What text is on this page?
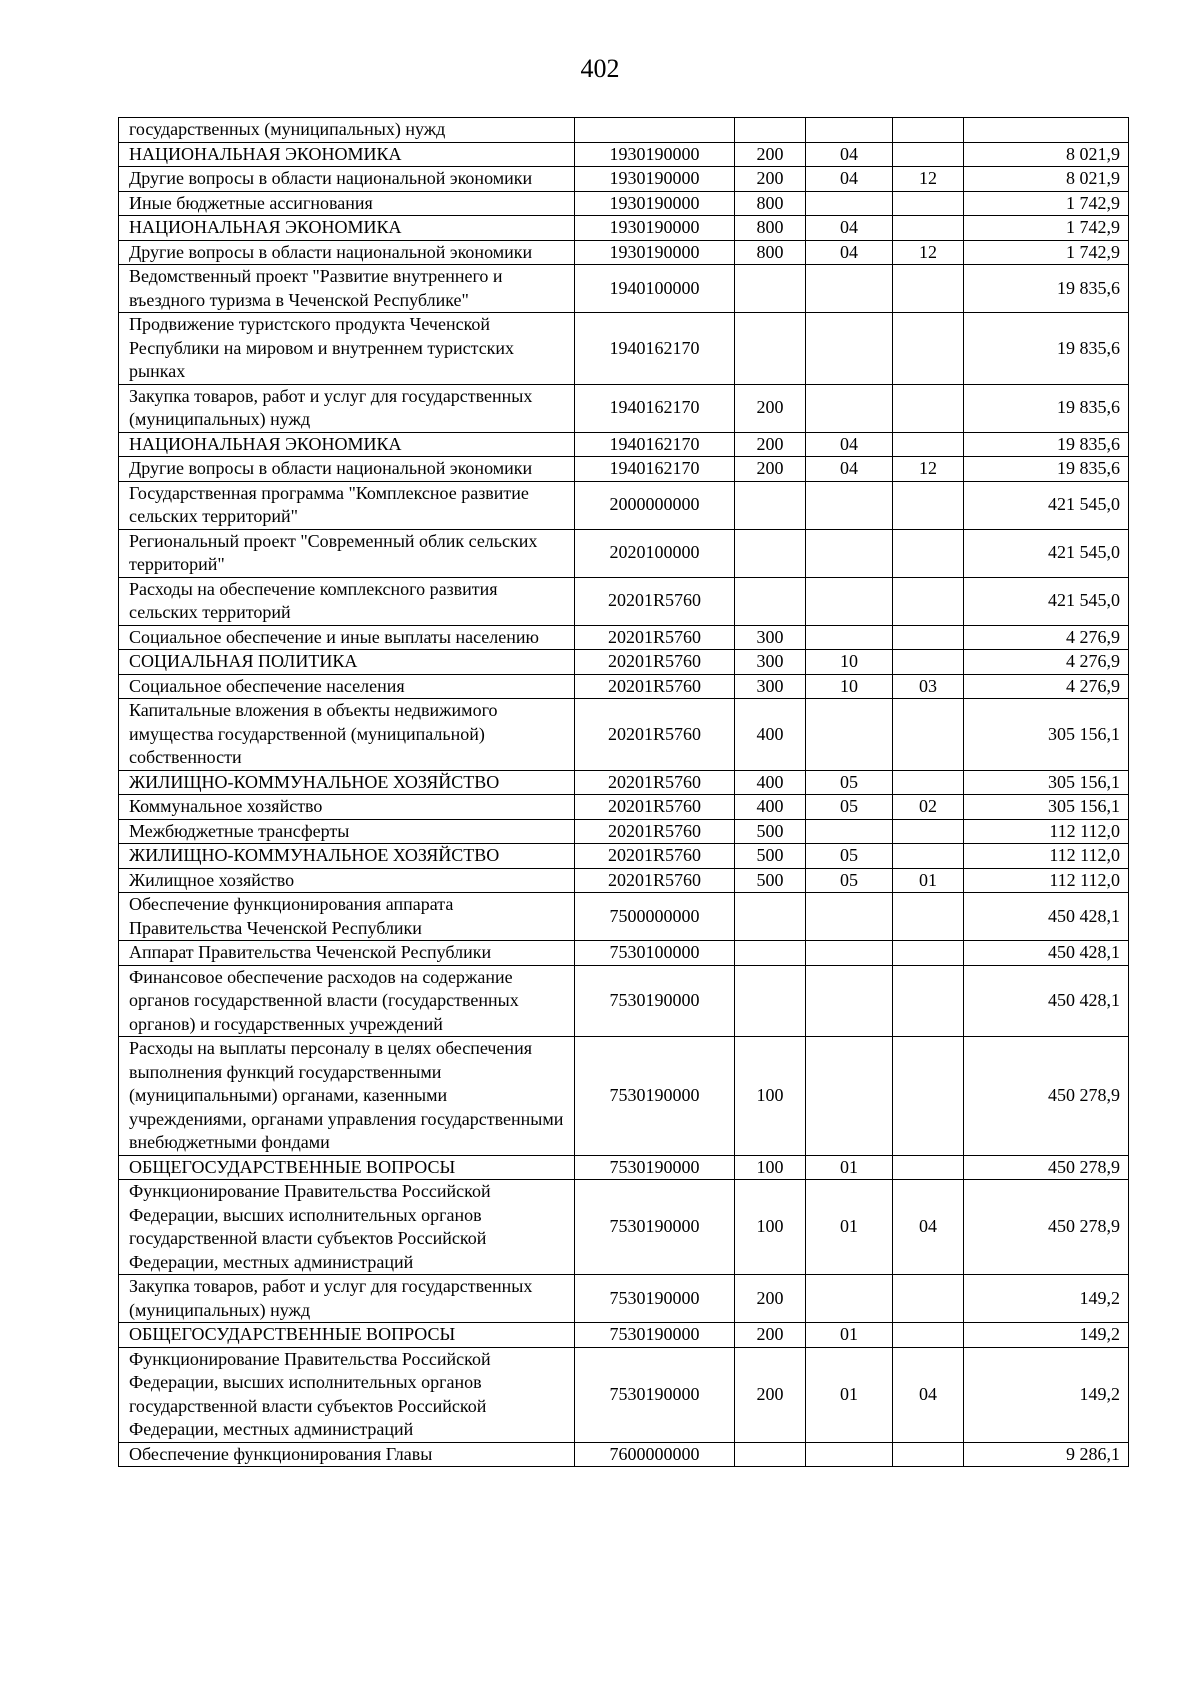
402
государственных (муниципальных) нужд					
НАЦИОНАЛЬНАЯ ЭКОНОМИКА	1930190000	200	04		8 021,9
Другие вопросы в области национальной экономики	1930190000	200	04	12	8 021,9
Иные бюджетные ассигнования	1930190000	800			1 742,9
НАЦИОНАЛЬНАЯ ЭКОНОМИКА	1930190000	800	04		1 742,9
Другие вопросы в области национальной экономики	1930190000	800	04	12	1 742,9
Ведомственный проект "Развитие внутреннего и въездного туризма в Чеченской Республике"	1940100000				19 835,6
Продвижение туристского продукта Чеченской Республики на мировом и внутреннем туристских рынках	1940162170				19 835,6
Закупка товаров, работ и услуг для государственных (муниципальных) нужд	1940162170	200			19 835,6
НАЦИОНАЛЬНАЯ ЭКОНОМИКА	1940162170	200	04		19 835,6
Другие вопросы в области национальной экономики	1940162170	200	04	12	19 835,6
Государственная программа "Комплексное развитие сельских территорий"	2000000000				421 545,0
Региональный проект "Современный облик сельских территорий"	2020100000				421 545,0
Расходы на обеспечение комплексного развития сельских территорий	20201R5760				421 545,0
Социальное обеспечение и иные выплаты населению	20201R5760	300			4 276,9
СОЦИАЛЬНАЯ ПОЛИТИКА	20201R5760	300	10		4 276,9
Социальное обеспечение населения	20201R5760	300	10	03	4 276,9
Капитальные вложения в объекты недвижимого имущества государственной (муниципальной) собственности	20201R5760	400			305 156,1
ЖИЛИЩНО-КОММУНАЛЬНОЕ ХОЗЯЙСТВО	20201R5760	400	05		305 156,1
Коммунальное хозяйство	20201R5760	400	05	02	305 156,1
Межбюджетные трансферты	20201R5760	500			112 112,0
ЖИЛИЩНО-КОММУНАЛЬНОЕ ХОЗЯЙСТВО	20201R5760	500	05		112 112,0
Жилищное хозяйство	20201R5760	500	05	01	112 112,0
Обеспечение функционирования аппарата Правительства Чеченской Республики	7500000000				450 428,1
Аппарат Правительства Чеченской Республики	7530100000				450 428,1
Финансовое обеспечение расходов на содержание органов государственной власти (государственных органов) и государственных учреждений	7530190000				450 428,1
Расходы на выплаты персоналу в целях обеспечения выполнения функций государственными (муниципальными) органами, казенными учреждениями, органами управления государственными внебюджетными фондами	7530190000	100			450 278,9
ОБЩЕГОСУДАРСТВЕННЫЕ ВОПРОСЫ	7530190000	100	01		450 278,9
Функционирование Правительства Российской Федерации, высших исполнительных органов государственной власти субъектов Российской Федерации, местных администраций	7530190000	100	01	04	450 278,9
Закупка товаров, работ и услуг для государственных (муниципальных) нужд	7530190000	200			149,2
ОБЩЕГОСУДАРСТВЕННЫЕ ВОПРОСЫ	7530190000	200	01		149,2
Функционирование Правительства Российской Федерации, высших исполнительных органов государственной власти субъектов Российской Федерации, местных администраций	7530190000	200	01	04	149,2
Обеспечение функционирования Главы	7600000000				9 286,1
